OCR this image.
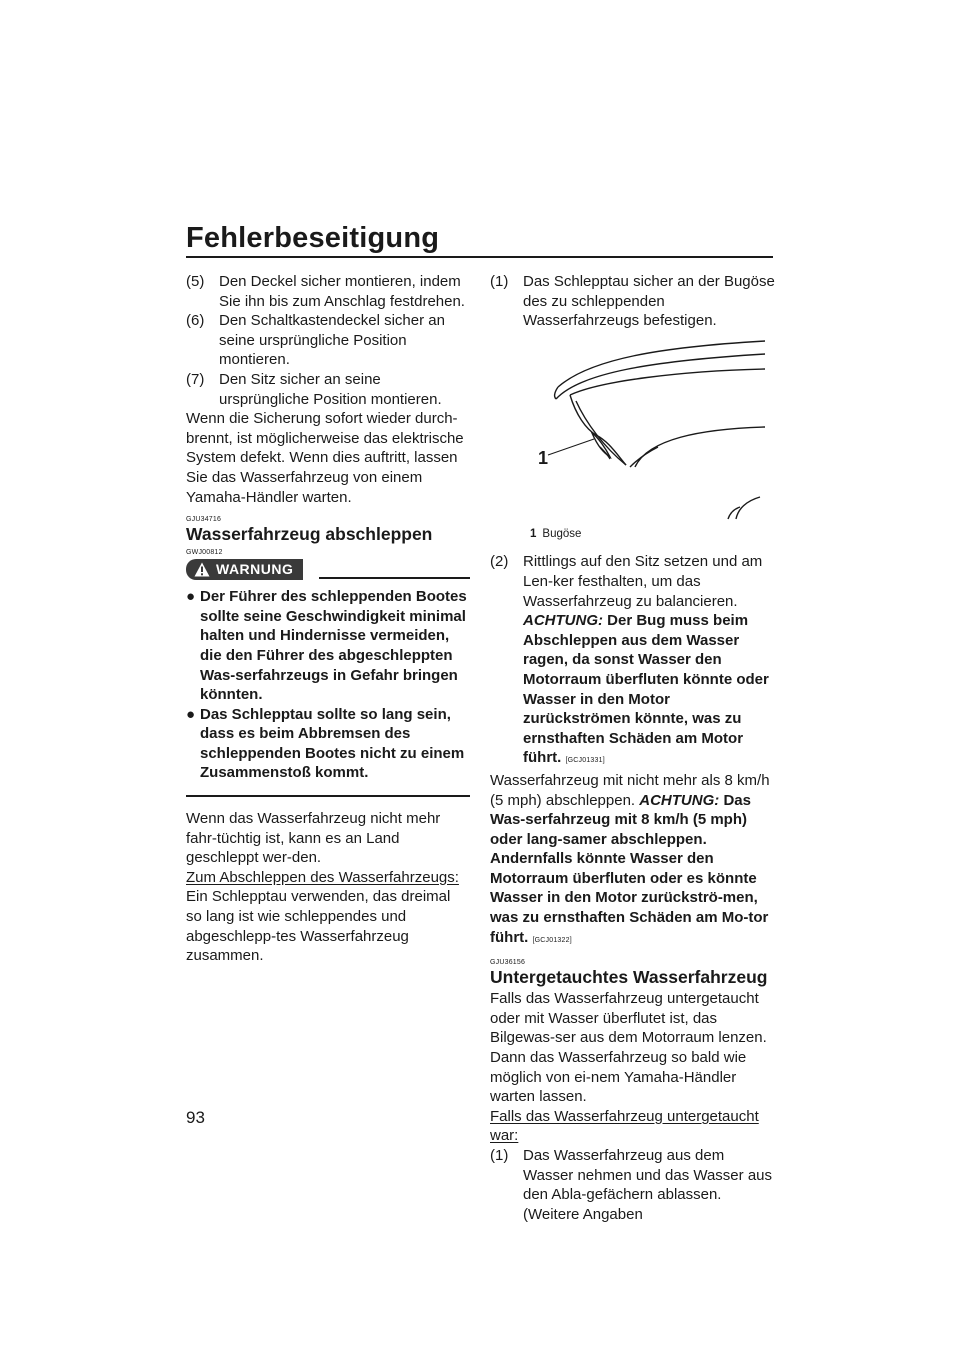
Fehlerbeseitigung
(5) Den Deckel sicher montieren, indem Sie ihn bis zum Anschlag festdrehen.
(6) Den Schaltkastendeckel sicher an seine ursprüngliche Position montieren.
(7) Den Sitz sicher an seine ursprüngliche Position montieren.
Wenn die Sicherung sofort wieder durch-brennt, ist möglicherweise das elektrische System defekt. Wenn dies auftritt, lassen Sie das Wasserfahrzeug von einem Yamaha-Händler warten.
GJU34716
Wasserfahrzeug abschleppen
GWJ00812
WARNUNG
● Der Führer des schleppenden Bootes sollte seine Geschwindigkeit minimal halten und Hindernisse vermeiden, die den Führer des abgeschleppten Was-serfahrzeugs in Gefahr bringen könnten.
● Das Schlepptau sollte so lang sein, dass es beim Abbremsen des schleppenden Bootes nicht zu einem Zusammenstoß kommt.
Wenn das Wasserfahrzeug nicht mehr fahr-tüchtig ist, kann es an Land geschleppt wer-den.
Zum Abschleppen des Wasserfahrzeugs:
Ein Schlepptau verwenden, das dreimal so lang ist wie schleppendes und abgeschlepp-tes Wasserfahrzeug zusammen.
(1) Das Schlepptau sicher an der Bugöse des zu schleppenden Wasserfahrzeugs befestigen.
1
1 Bugöse
(2) Rittlings auf den Sitz setzen und am Len-ker festhalten, um das Wasserfahrzeug zu balancieren. ACHTUNG: Der Bug muss beim Abschleppen aus dem Wasser ragen, da sonst Wasser den Motorraum überfluten könnte oder Wasser in den Motor zurückströmen könnte, was zu ernsthaften Schäden am Motor führt. [GCJ01331]
Wasserfahrzeug mit nicht mehr als 8 km/h (5 mph) abschleppen. ACHTUNG: Das Was-serfahrzeug mit 8 km/h (5 mph) oder lang-samer abschleppen. Andernfalls könnte Wasser den Motorraum überfluten oder es könnte Wasser in den Motor zurückströ-men, was zu ernsthaften Schäden am Mo-tor führt. [GCJ01322]
GJU36156
Untergetauchtes Wasserfahrzeug
Falls das Wasserfahrzeug untergetaucht oder mit Wasser überflutet ist, das Bilgewas-ser aus dem Motorraum lenzen. Dann das Wasserfahrzeug so bald wie möglich von ei-nem Yamaha-Händler warten lassen.
Falls das Wasserfahrzeug untergetaucht war:
(1) Das Wasserfahrzeug aus dem Wasser nehmen und das Wasser aus den Abla-gefächern ablassen. (Weitere Angaben
93
